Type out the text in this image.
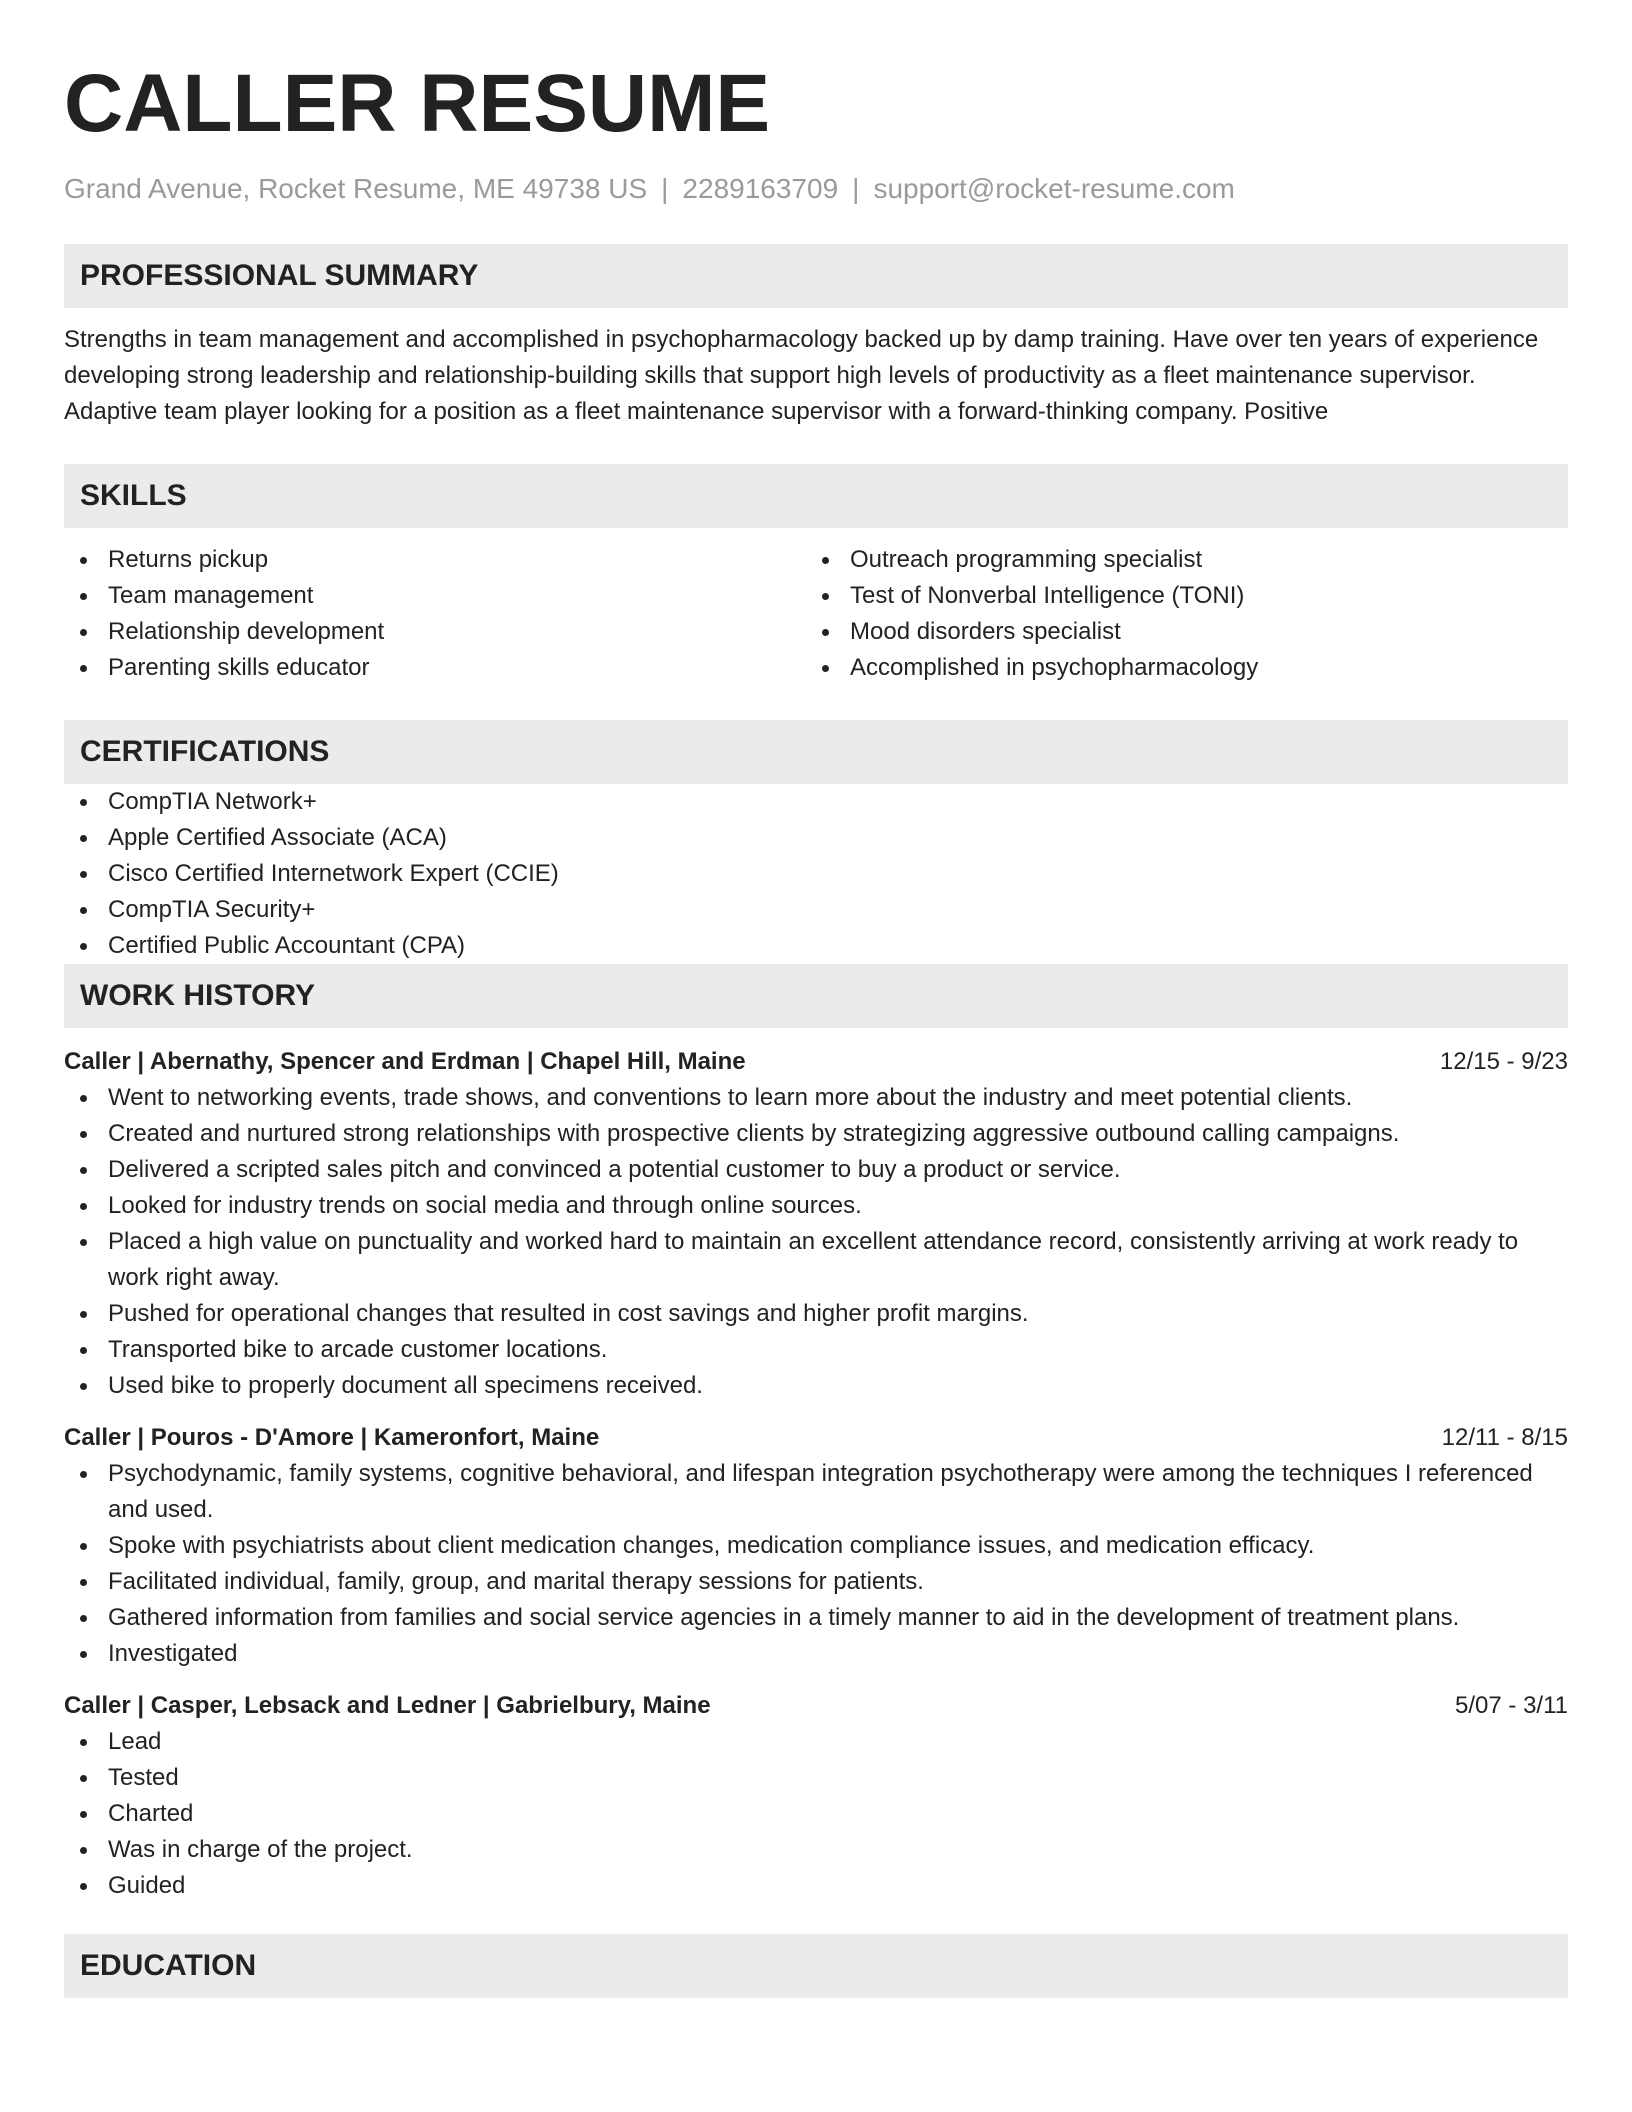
CALLER RESUME
Grand Avenue, Rocket Resume, ME 49738 US | 2289163709 | support@rocket-resume.com
PROFESSIONAL SUMMARY

Strengths in team management and accomplished in psychopharmacology backed up by damp training. Have over ten years of experience developing strong leadership and relationship-building skills that support high levels of productivity as a fleet maintenance supervisor. Adaptive team player looking for a position as a fleet maintenance supervisor with a forward-thinking company. Positive

SKILLS
Returns pickup
Team management
Relationship development
Parenting skills educator
Outreach programming specialist
Test of Nonverbal Intelligence (TONI)
Mood disorders specialist
Accomplished in psychopharmacology
CERTIFICATIONS
CompTIA Network+
Apple Certified Associate (ACA)
Cisco Certified Internetwork Expert (CCIE)
CompTIA Security+
Certified Public Accountant (CPA)
WORK HISTORY
Caller | Abernathy, Spencer and Erdman | Chapel Hill, Maine	12/15 - 9/23
Went to networking events, trade shows, and conventions to learn more about the industry and meet potential clients.
Created and nurtured strong relationships with prospective clients by strategizing aggressive outbound calling campaigns.
Delivered a scripted sales pitch and convinced a potential customer to buy a product or service.
Looked for industry trends on social media and through online sources.
Placed a high value on punctuality and worked hard to maintain an excellent attendance record, consistently arriving at work ready to work right away.
Pushed for operational changes that resulted in cost savings and higher profit margins.
Transported bike to arcade customer locations.
Used bike to properly document all specimens received.
Caller | Pouros - D'Amore | Kameronfort, Maine	12/11 - 8/15
Psychodynamic, family systems, cognitive behavioral, and lifespan integration psychotherapy were among the techniques I referenced and used.
Spoke with psychiatrists about client medication changes, medication compliance issues, and medication efficacy.
Facilitated individual, family, group, and marital therapy sessions for patients.
Gathered information from families and social service agencies in a timely manner to aid in the development of treatment plans.
Investigated
Caller | Casper, Lebsack and Ledner | Gabrielbury, Maine	5/07 - 3/11
Lead
Tested
Charted
Was in charge of the project.
Guided
EDUCATION
